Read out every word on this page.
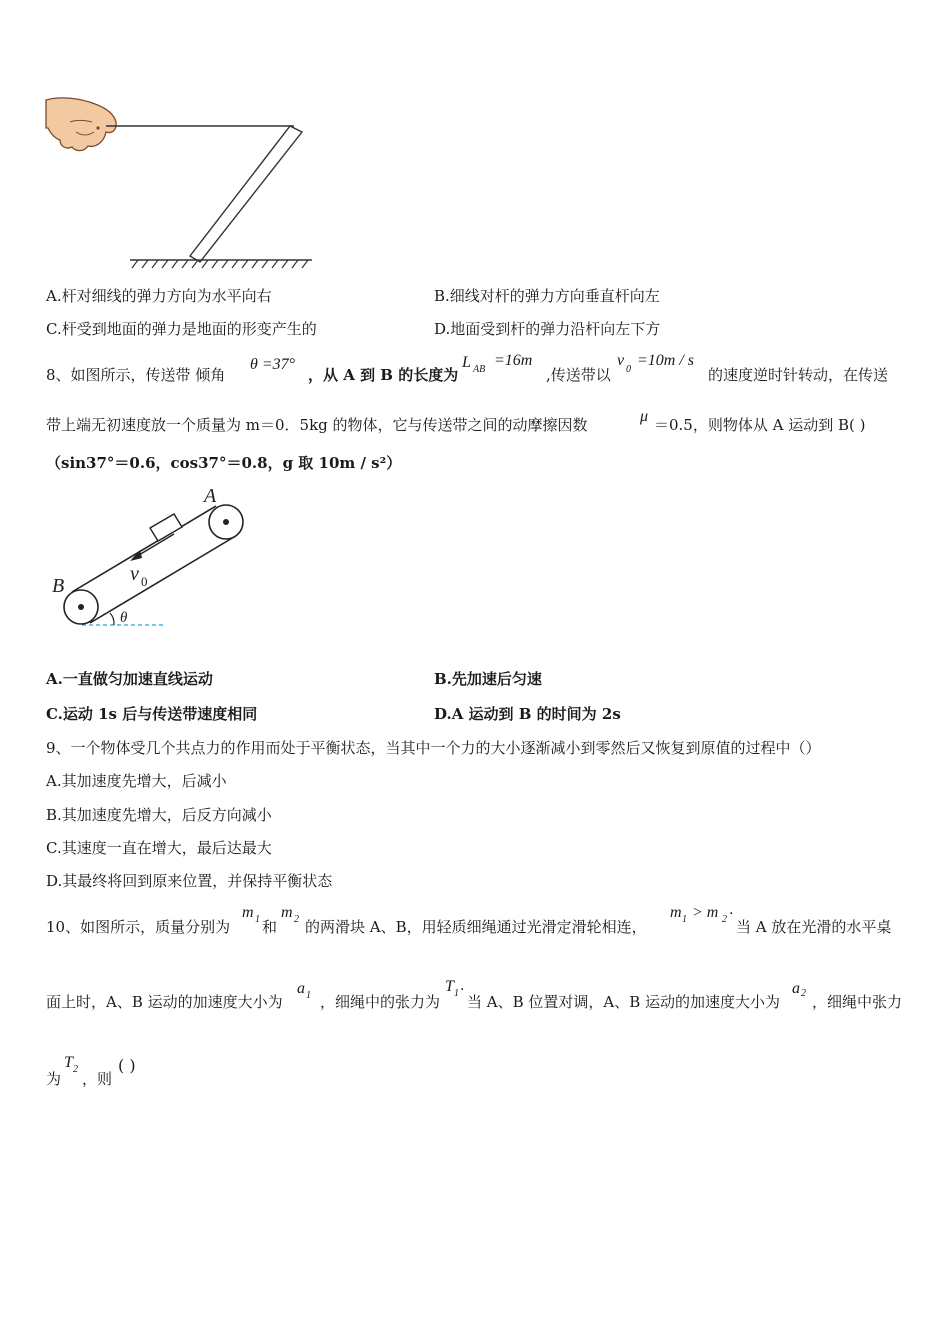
A.杆对细线的弹力方向为水平向右	B.细线对杆的弹力方向垂直杆向左
C.杆受到地面的弹力是地面的形变产生的	D.地面受到杆的弹力沿杆向左下方
8、如图所示，传送带 倾角
θ =37°
，从 A 到 B 的长度为
L AB
=16m
,传送带以
v
0
=10m / s
的速度逆时针转动，在传送
带上端无初速度放一个质量为 m＝0．5kg 的物体，它与传送带之间的动摩擦因数	μ ＝0.5，则物体从 A 运动到 B( )
（sin37°＝0.6，cos37°＝0.8，g 取 10m / s²）
A
B
v 0
θ
A.一直做匀加速直线运动	B.先加速后匀速
C.运动 1s 后与传送带速度相同	D.A 运动到 B 的时间为 2s
9、一个物体受几个共点力的作用而处于平衡状态，当其中一个力的大小逐渐减小到零然后又恢复到原值的过程中（）
A.其加速度先增大，后减小
B.其加速度先增大，后反方向减小
C.其速度一直在增大，最后达最大
D.其最终将回到原来位置，并保持平衡状态
10、如图所示，质量分别为
m 1 和
m 2 的两滑块 A、B，用轻质细绳通过光滑定滑轮相连，
m 1 > m 2 ·
当 A 放在光滑的水平桌
面上时，A、B 运动的加速度大小为
a 1 ，细绳中的张力为
T 1 ·
当 A、B 位置对调，A、B 运动的加速度大小为
a 2 ，细绳中张力
为
T 2
，则
( )
